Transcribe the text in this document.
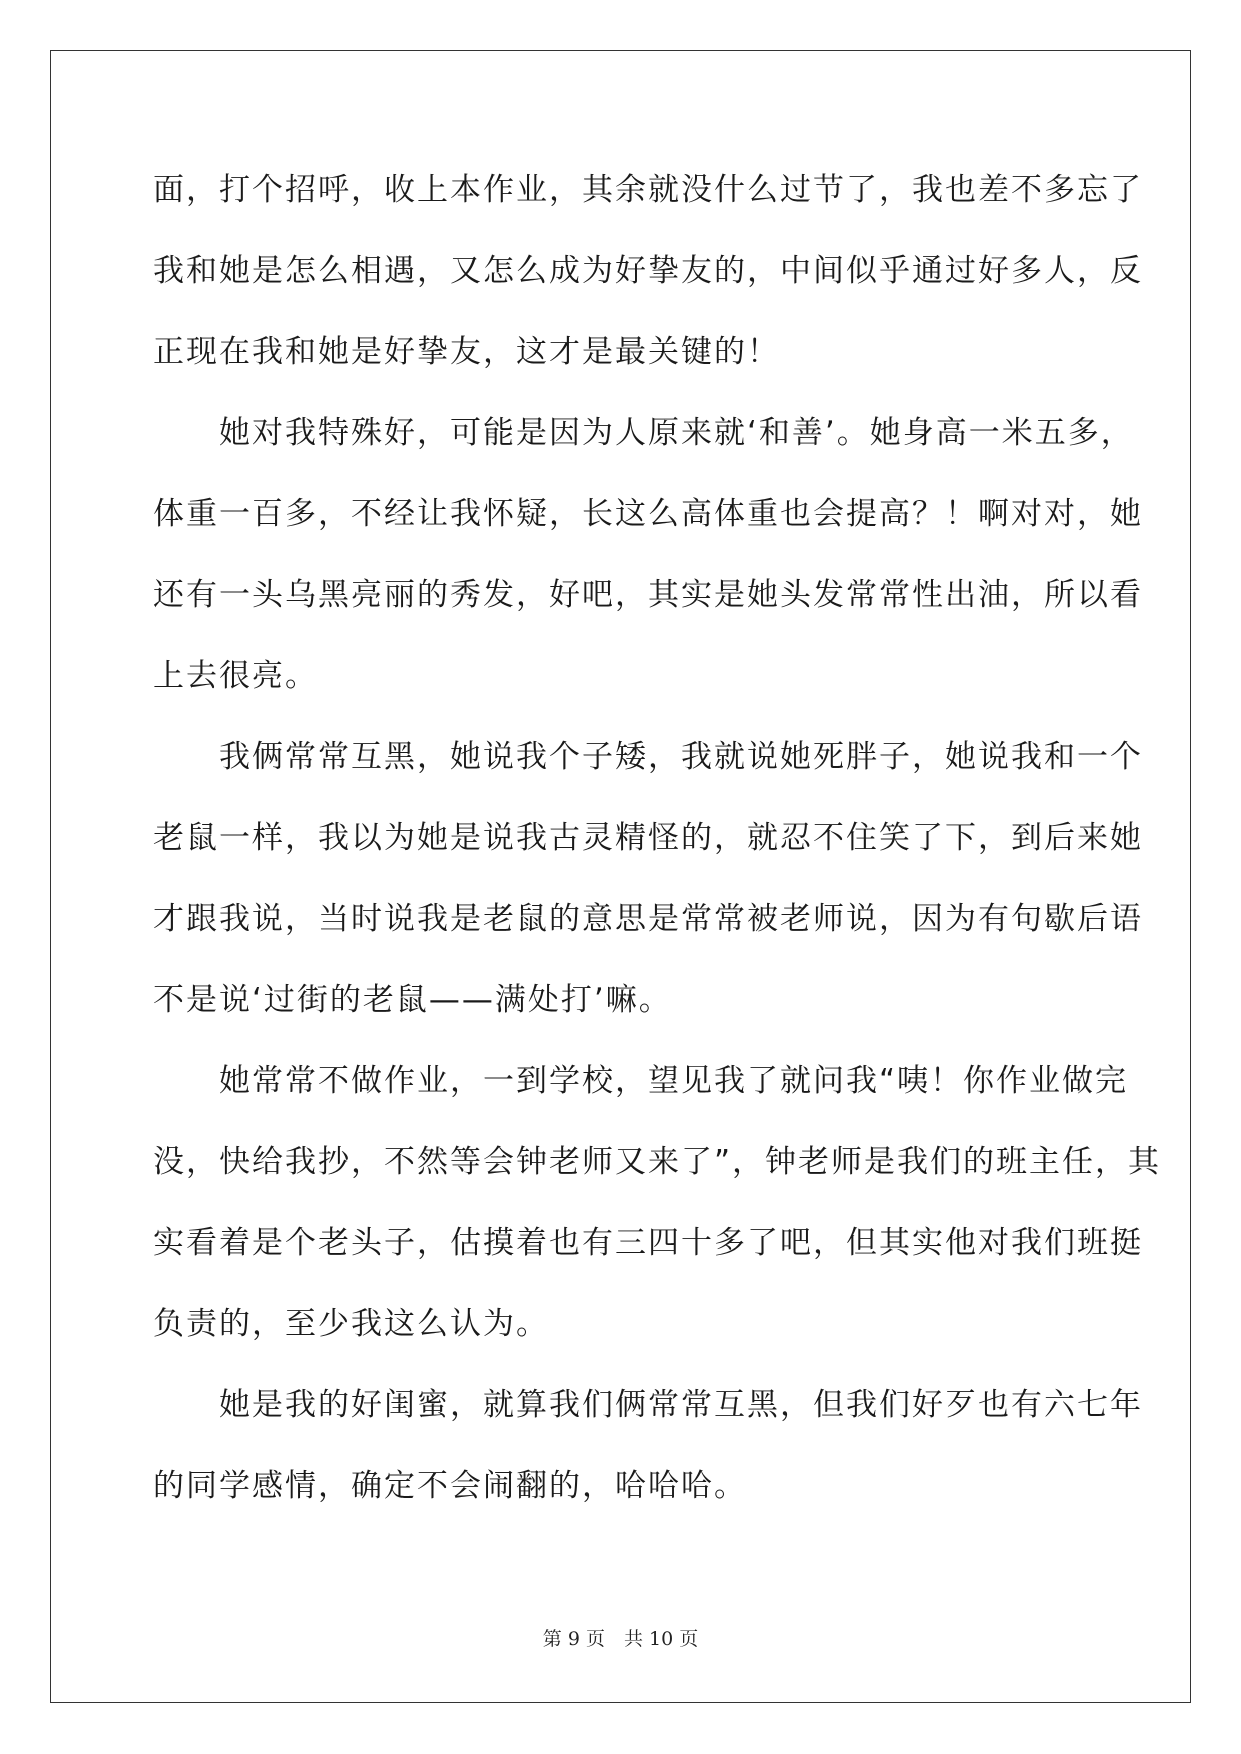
面，打个招呼，收上本作业，其余就没什么过节了，我也差不多忘了
我和她是怎么相遇，又怎么成为好挚友的，中间似乎通过好多人，反
正现在我和她是好挚友，这才是最关键的！
　　她对我特殊好，可能是因为人原来就‘和善’。她身高一米五多，
体重一百多，不经让我怀疑，长这么高体重也会提高？！啊对对，她
还有一头乌黑亮丽的秀发，好吧，其实是她头发常常性出油，所以看
上去很亮。
　　我俩常常互黑，她说我个子矮，我就说她死胖子，她说我和一个
老鼠一样，我以为她是说我古灵精怪的，就忍不住笑了下，到后来她
才跟我说，当时说我是老鼠的意思是常常被老师说，因为有句歇后语
不是说‘过街的老鼠——满处打’嘛。
　　她常常不做作业，一到学校，望见我了就问我“咦！你作业做完
没，快给我抄，不然等会钟老师又来了”，钟老师是我们的班主任，其
实看着是个老头子，估摸着也有三四十多了吧，但其实他对我们班挺
负责的，至少我这么认为。
　　她是我的好闺蜜，就算我们俩常常互黑，但我们好歹也有六七年
的同学感情，确定不会闹翻的，哈哈哈。
第 9 页　共 10 页
